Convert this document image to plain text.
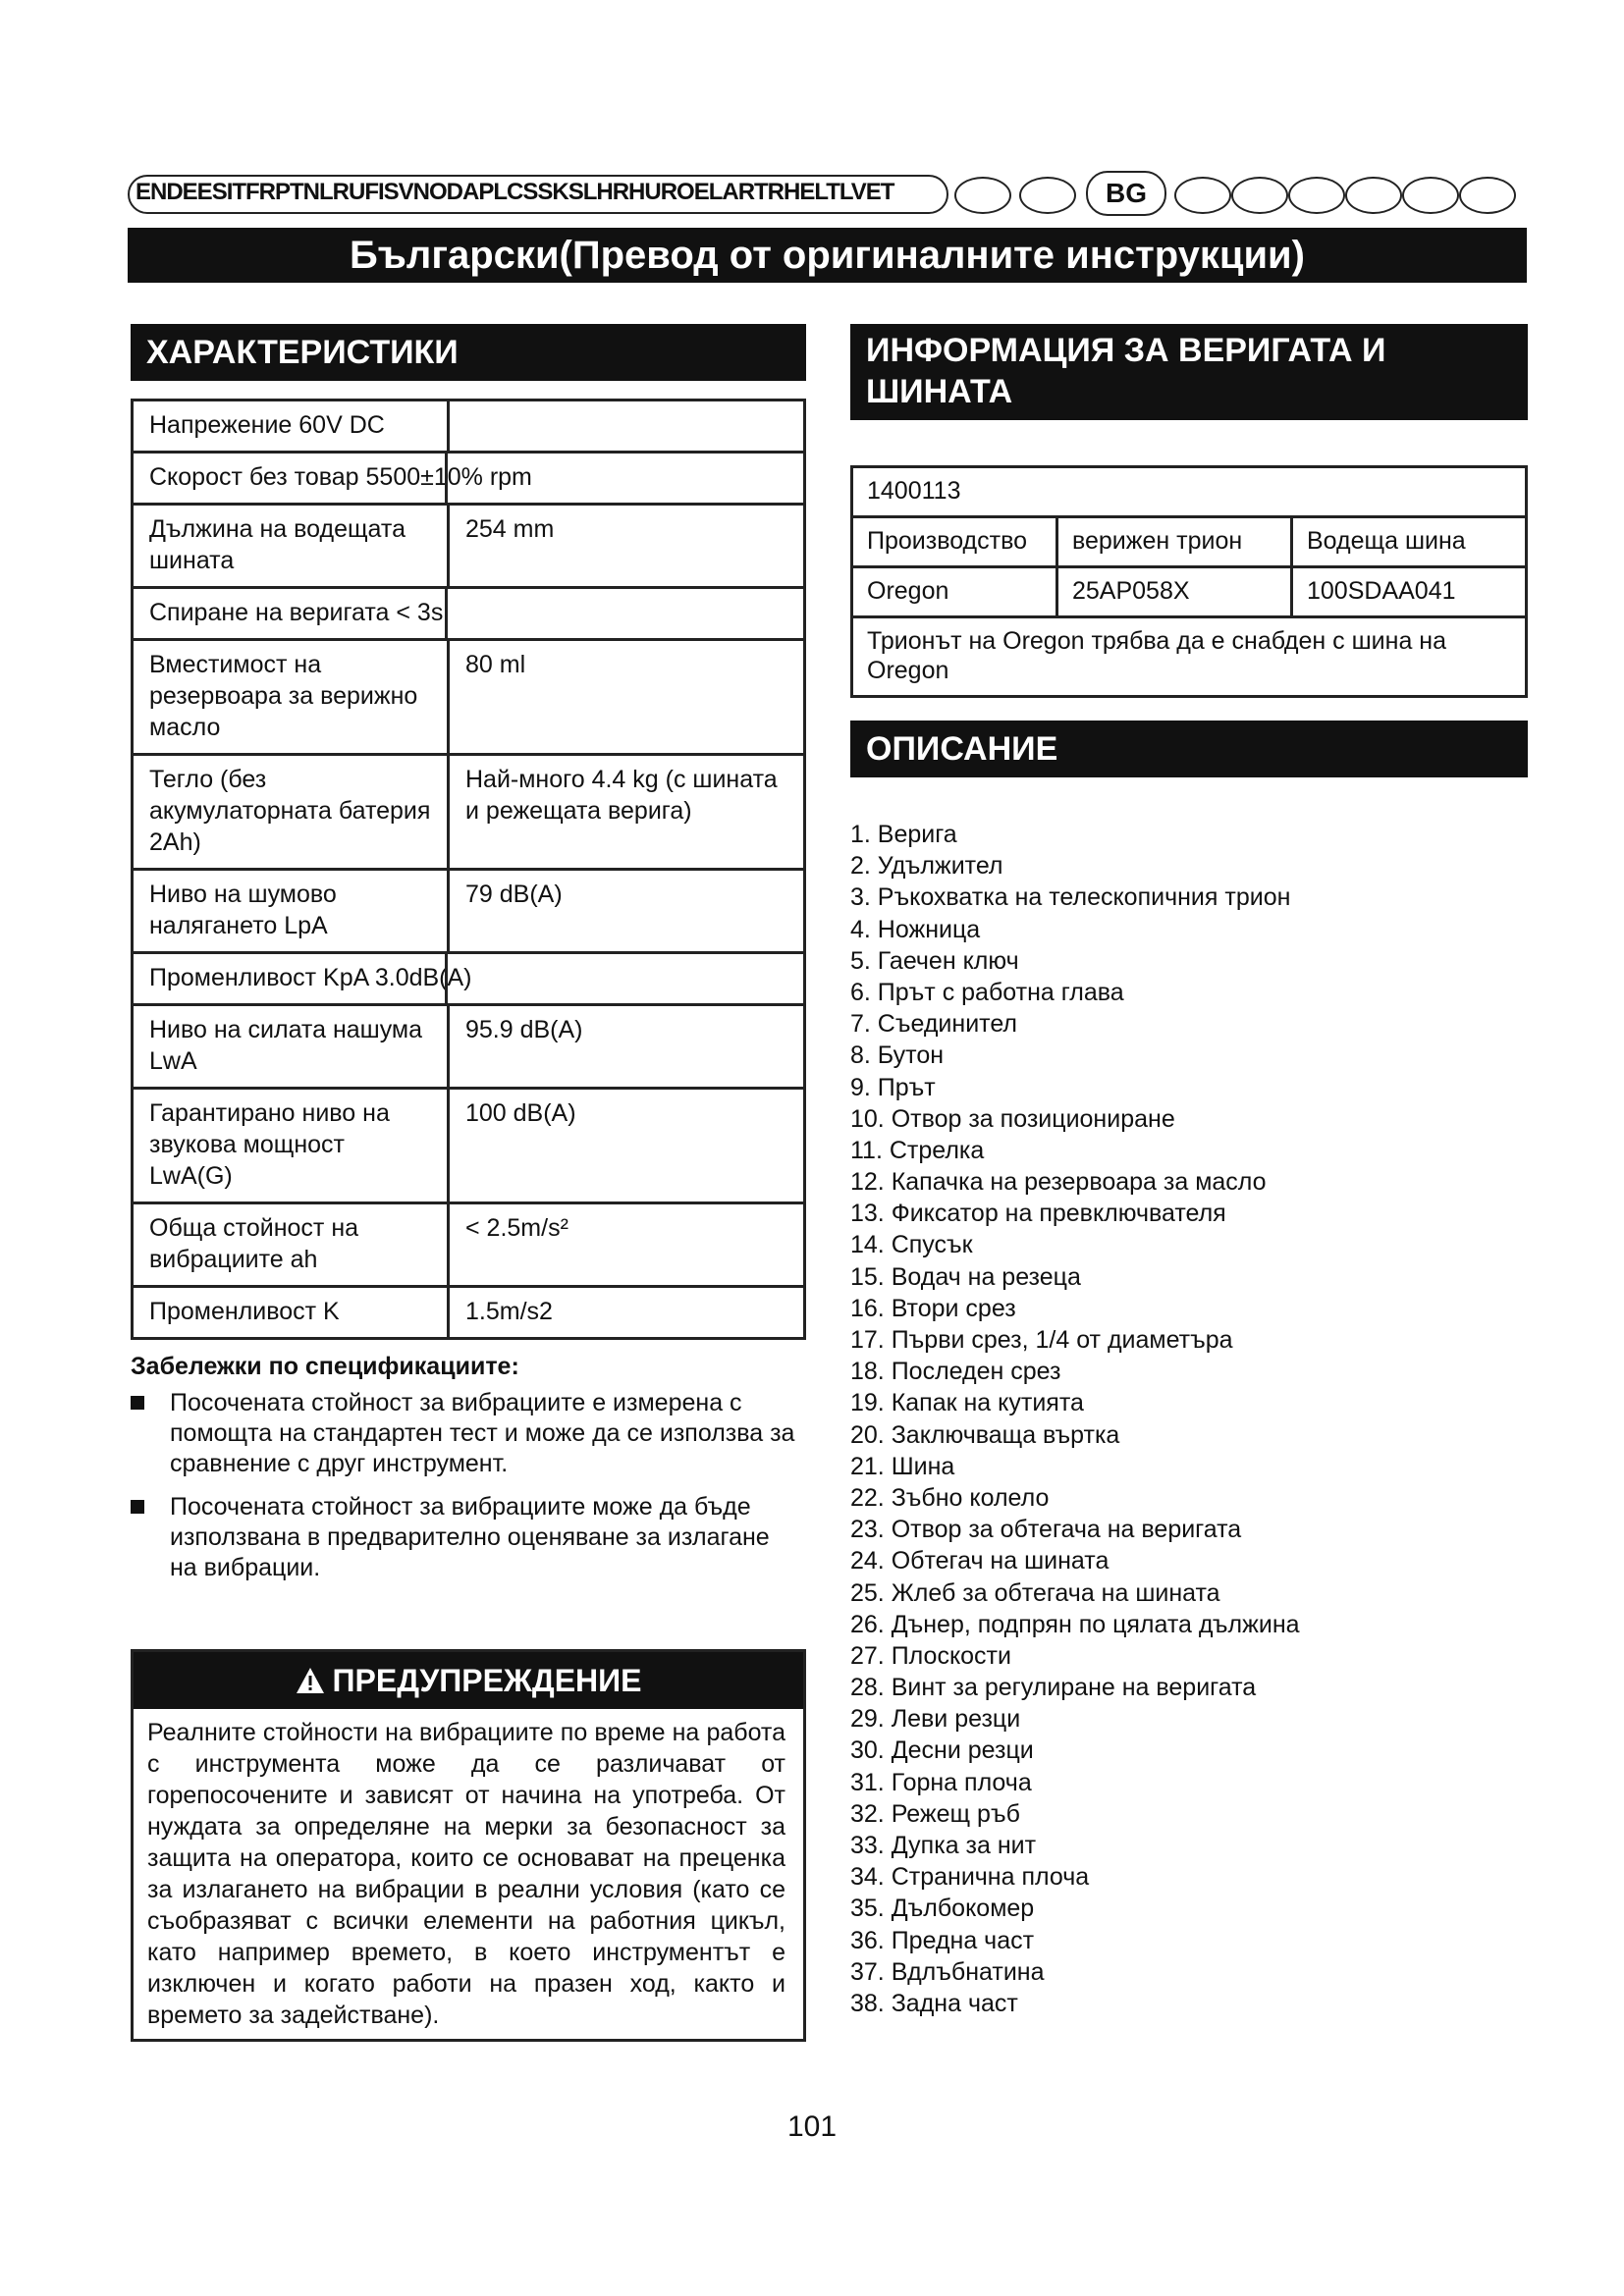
ENDEESITFRPTNLRUFISVNODAPLCSSKSLHRHUROELARTRHELTLVET	BG
Български(Превод от оригиналните инструкции)
ХАРАКТЕРИСТИКИ
Напрежение 60V DC	
Скорост без товар 5500±10% rpm	

Дължина на водещата шината	254 mm
Спиране на веригата < 3s	

Вместимост на резервоара за верижно масло	80 ml
Тегло (без акумулаторната батерия 2Ah)	Най-много 4.4 kg (с шината и режещата верига)
Ниво на шумово налягането LpA	79 dB(A)
Променливост KpA 3.0dB(A)	

Ниво на силата нашума LwA	95.9 dB(A)
Гарантирано ниво на звукова мощност LwA(G)	100 dB(A)
Обща стойност на вибрациите ah	< 2.5m/s²
Променливост K	1.5m/s2
Забележки по спецификациите:
Посочената стойност за вибрациите е измерена с помощта на стандартен тест и може да се използва за сравнение с друг инструмент.
Посочената стойност за вибрациите може да бъде използвана в предварително оценяване за излагане на вибрации.
ПРЕДУПРЕЖДЕНИЕ
Реалните стойности на вибрациите по време на работа с инструмента може да се различават от горепосочените и зависят от начина на употреба. От нуждата за определяне на мерки за безопасност за защита на оператора, които се основават на преценка за излагането на вибрации в реални условия (като се съобразяват с всички елементи на работния цикъл, като например времето, в което инструментът е изключен и когато работи на празен ход, както и времето за задействане).
ИНФОРМАЦИЯ ЗА ВЕРИГАТА И ШИНАТА
1400113		
Производство	верижен трион	Водеща шина
Oregon	25AP058X	100SDAA041
Трионът на Oregon трябва да е снабден с шина на Oregon		
ОПИСАНИЕ
1. Верига
2. Удължител
3. Ръкохватка на телескопичния трион
4. Ножница
5. Гаечен ключ
6. Прът с работна глава
7. Съединител
8. Бутон
9. Прът
10. Отвор за позициониране
11. Стрелка
12. Капачка на резервоара за масло
13. Фиксатор на превключвателя
14. Спусък
15. Водач на резеца
16. Втори срез
17. Първи срез, 1/4 от диаметъра
18. Последен срез
19. Капак на кутията
20. Заключваща въртка
21. Шина
22. Зъбно колело
23. Отвор за обтегача на веригата
24. Обтегач на шината
25. Жлеб за обтегача на шината
26. Дънер, подпрян по цялата дължина
27. Плоскости
28. Винт за регулиране на веригата
29. Леви резци
30. Десни резци
31. Горна плоча
32. Режещ ръб
33. Дупка за нит
34. Странична плоча
35. Дълбокомер
36. Предна част
37. Вдлъбнатина
38. Задна част
101
